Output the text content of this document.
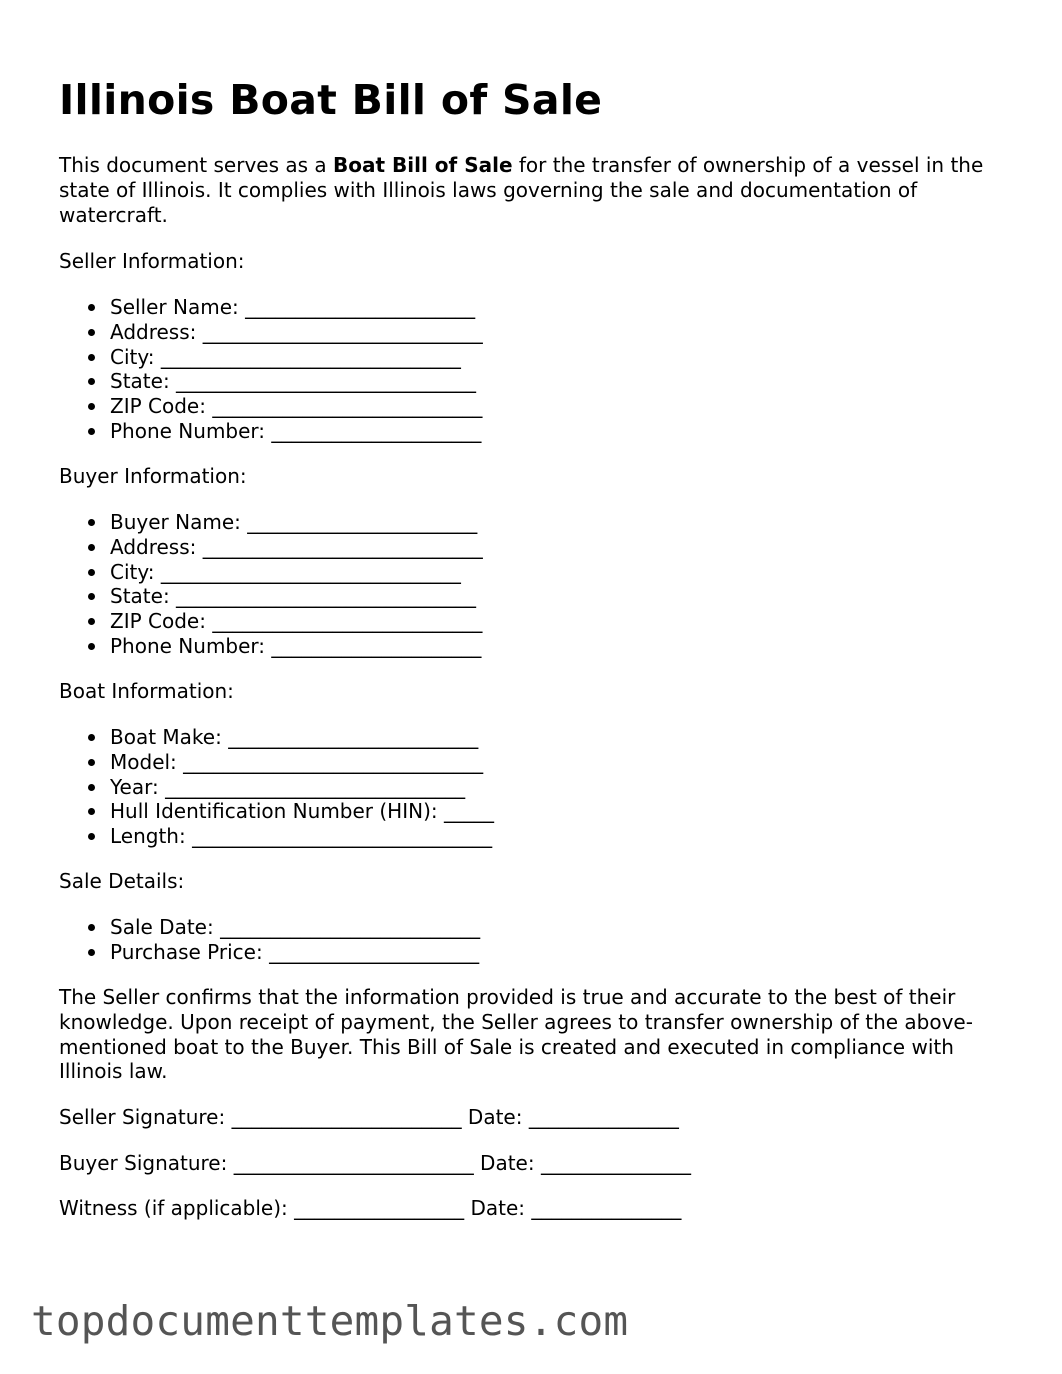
Illinois Boat Bill of Sale

This document serves as a Boat Bill of Sale for the transfer of ownership of a vessel in the state of Illinois. It complies with Illinois laws governing the sale and documentation of watercraft.

Seller Information:
Seller Name: _______________________
Address: ____________________________
City: ______________________________
State: ______________________________
ZIP Code: ___________________________
Phone Number: _____________________
Buyer Information:
Buyer Name: _______________________
Address: ____________________________
City: ______________________________
State: ______________________________
ZIP Code: ___________________________
Phone Number: _____________________
Boat Information:
Boat Make: _________________________
Model: ______________________________
Year: ______________________________
Hull Identification Number (HIN): _____
Length: ______________________________
Sale Details:
Sale Date: __________________________
Purchase Price: _____________________

The Seller confirms that the information provided is true and accurate to the best of their knowledge. Upon receipt of payment, the Seller agrees to transfer ownership of the above-mentioned boat to the Buyer. This Bill of Sale is created and executed in compliance with Illinois law.

Seller Signature: _______________________ Date: _______________
Buyer Signature: ________________________ Date: _______________
Witness (if applicable): _________________ Date: _______________
topdocumenttemplates.com
